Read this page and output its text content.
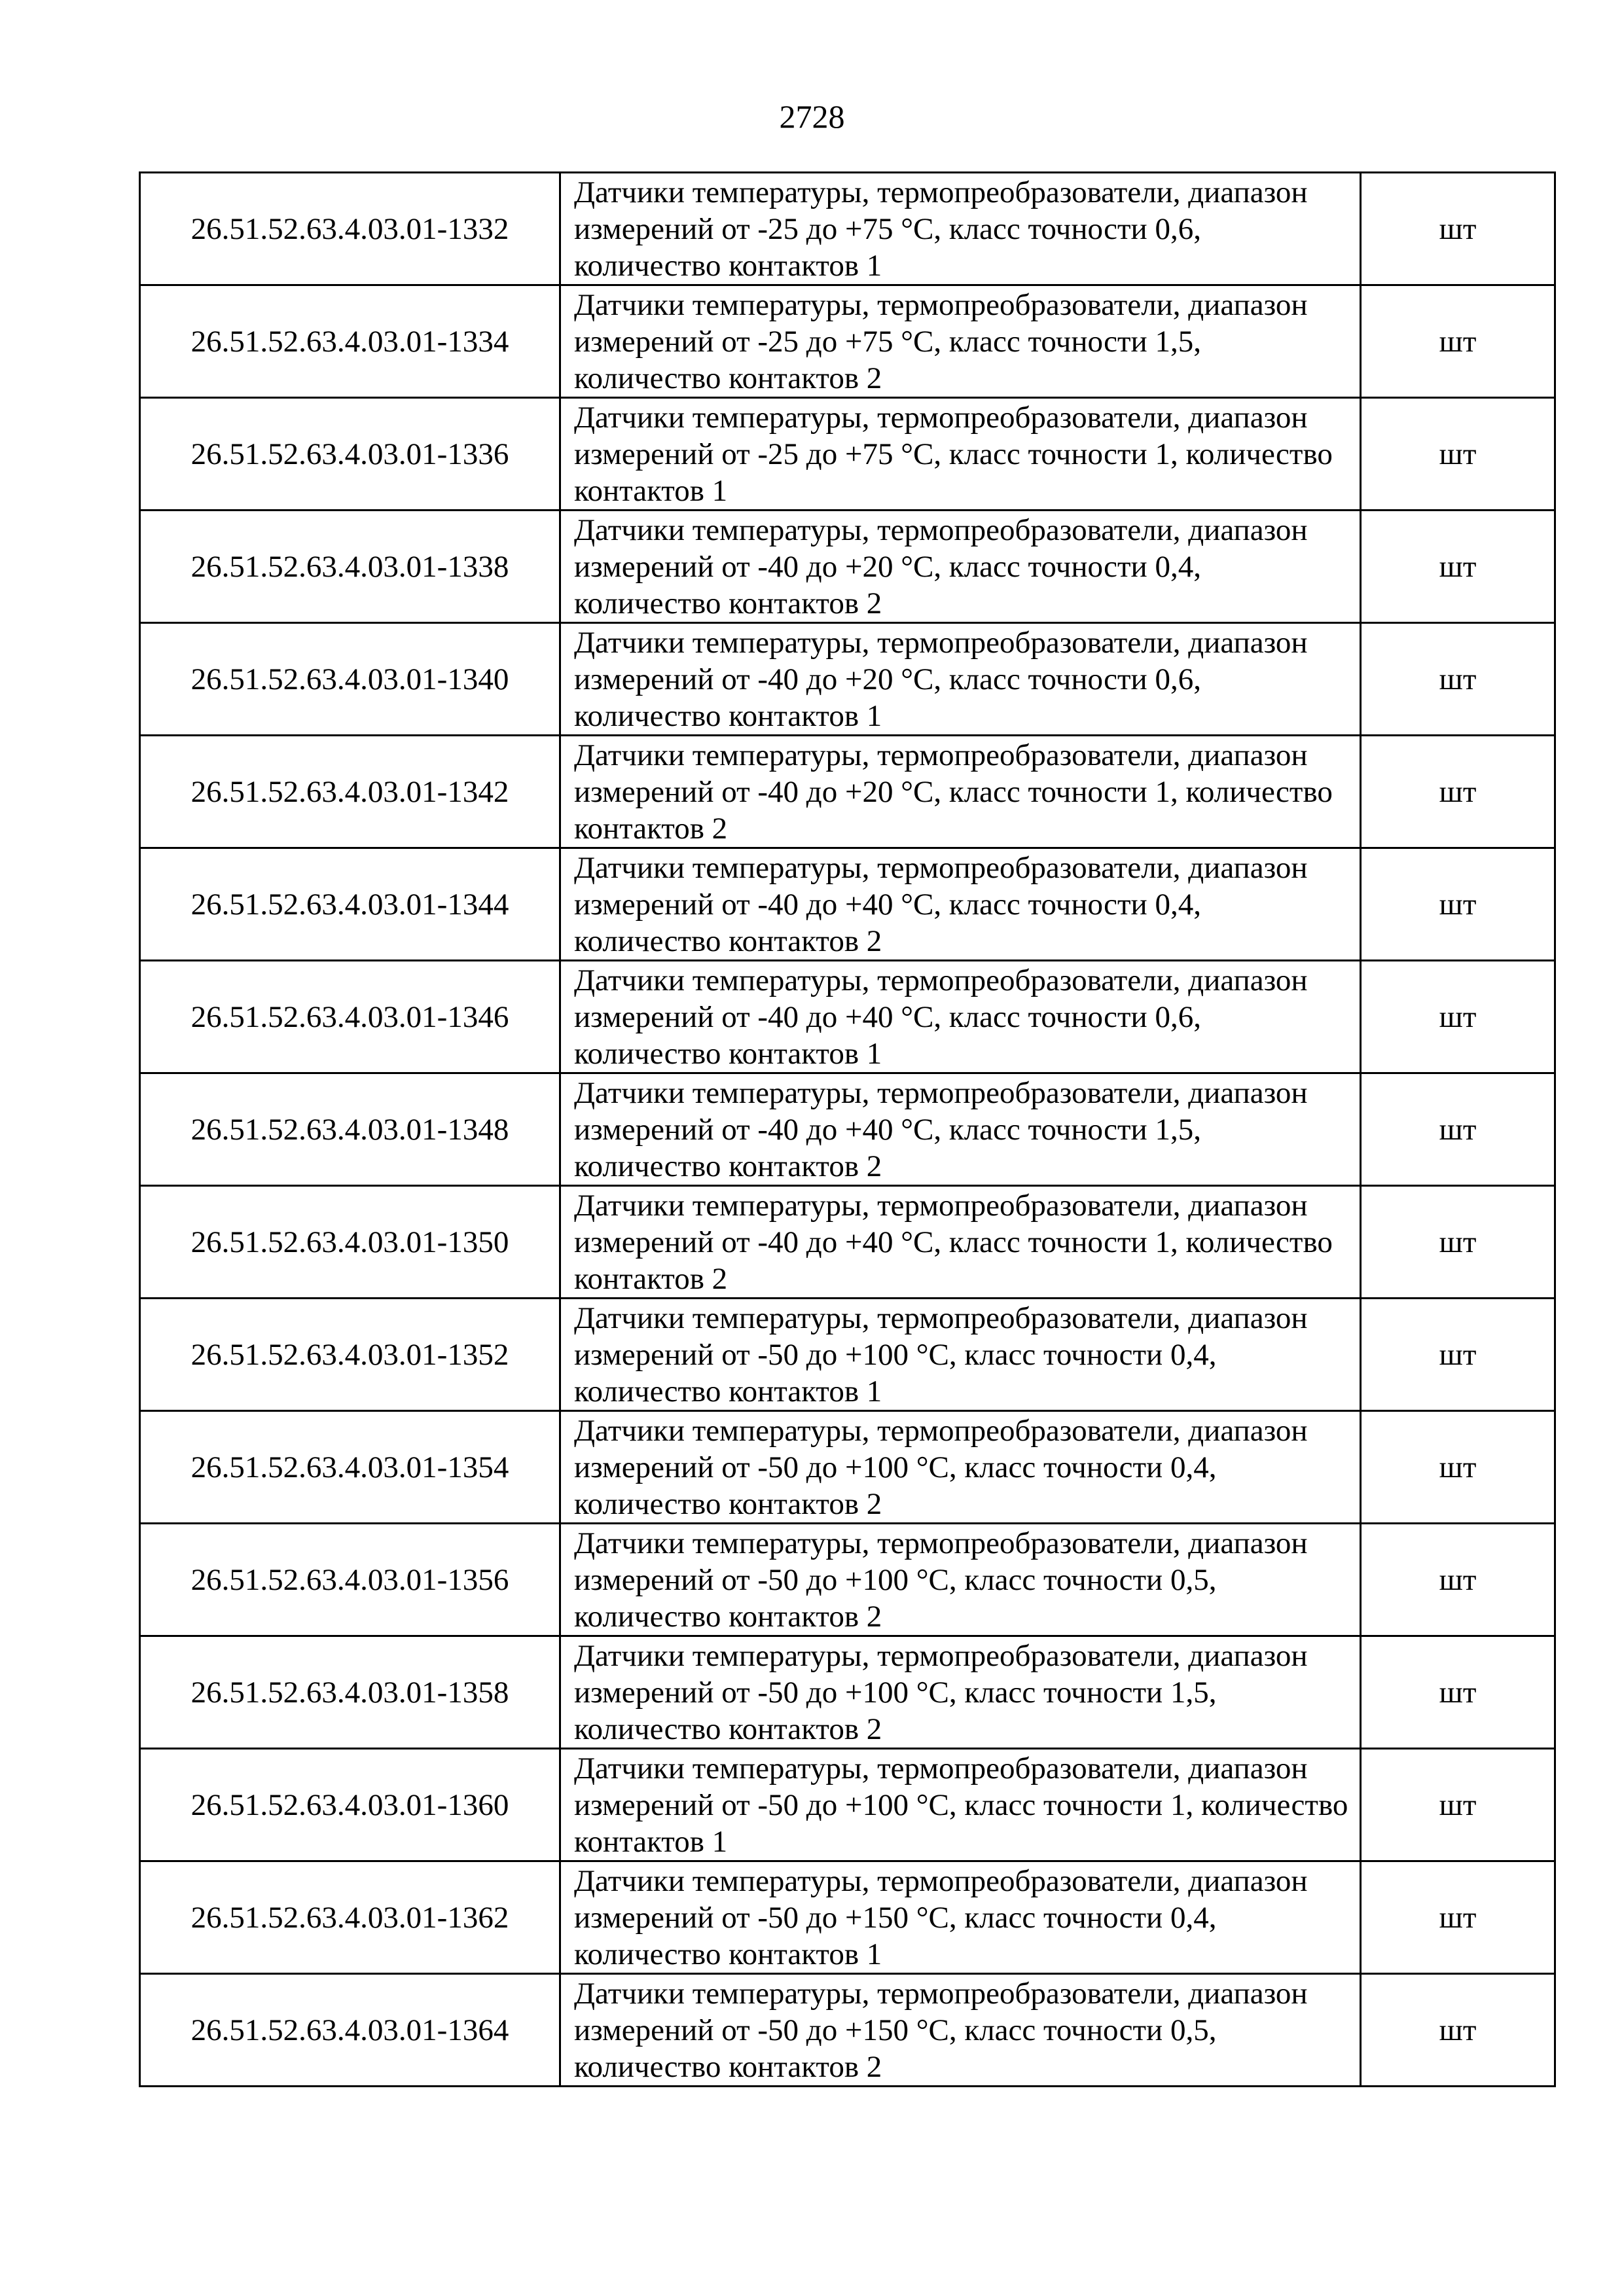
2728
26.51.52.63.4.03.01-1332	Датчики температуры, термопреобразователи, диапазон измерений от -25 до +75 °C, класс точности 0,6, количество контактов 1	шт
26.51.52.63.4.03.01-1334	Датчики температуры, термопреобразователи, диапазон измерений от -25 до +75 °C, класс точности 1,5, количество контактов 2	шт
26.51.52.63.4.03.01-1336	Датчики температуры, термопреобразователи, диапазон измерений от -25 до +75 °C, класс точности 1, количество контактов 1	шт
26.51.52.63.4.03.01-1338	Датчики температуры, термопреобразователи, диапазон измерений от -40 до +20 °C, класс точности 0,4, количество контактов 2	шт
26.51.52.63.4.03.01-1340	Датчики температуры, термопреобразователи, диапазон измерений от -40 до +20 °C, класс точности 0,6, количество контактов 1	шт
26.51.52.63.4.03.01-1342	Датчики температуры, термопреобразователи, диапазон измерений от -40 до +20 °C, класс точности 1, количество контактов 2	шт
26.51.52.63.4.03.01-1344	Датчики температуры, термопреобразователи, диапазон измерений от -40 до +40 °C, класс точности 0,4, количество контактов 2	шт
26.51.52.63.4.03.01-1346	Датчики температуры, термопреобразователи, диапазон измерений от -40 до +40 °C, класс точности 0,6, количество контактов 1	шт
26.51.52.63.4.03.01-1348	Датчики температуры, термопреобразователи, диапазон измерений от -40 до +40 °C, класс точности 1,5, количество контактов 2	шт
26.51.52.63.4.03.01-1350	Датчики температуры, термопреобразователи, диапазон измерений от -40 до +40 °C, класс точности 1, количество контактов 2	шт
26.51.52.63.4.03.01-1352	Датчики температуры, термопреобразователи, диапазон измерений от -50 до +100 °C, класс точности 0,4, количество контактов 1	шт
26.51.52.63.4.03.01-1354	Датчики температуры, термопреобразователи, диапазон измерений от -50 до +100 °C, класс точности 0,4, количество контактов 2	шт
26.51.52.63.4.03.01-1356	Датчики температуры, термопреобразователи, диапазон измерений от -50 до +100 °C, класс точности 0,5, количество контактов 2	шт
26.51.52.63.4.03.01-1358	Датчики температуры, термопреобразователи, диапазон измерений от -50 до +100 °C, класс точности 1,5, количество контактов 2	шт
26.51.52.63.4.03.01-1360	Датчики температуры, термопреобразователи, диапазон измерений от -50 до +100 °C, класс точности 1, количество контактов 1	шт
26.51.52.63.4.03.01-1362	Датчики температуры, термопреобразователи, диапазон измерений от -50 до +150 °C, класс точности 0,4, количество контактов 1	шт
26.51.52.63.4.03.01-1364	Датчики температуры, термопреобразователи, диапазон измерений от -50 до +150 °C, класс точности 0,5, количество контактов 2	шт
